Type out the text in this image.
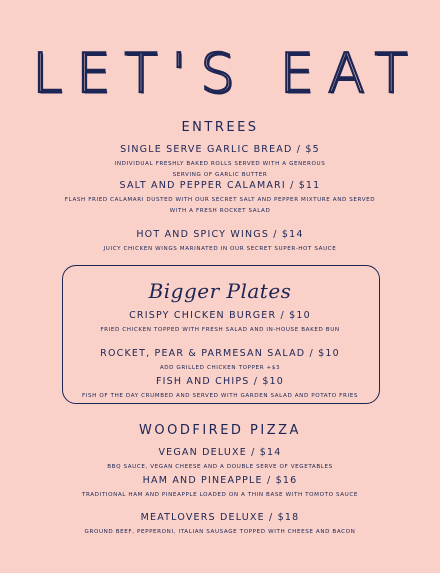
LET'S EAT
ENTREES
SINGLE SERVE GARLIC BREAD / $5
INDIVIDUAL FRESHLY BAKED ROLLS SERVED WITH A GENEROUS SERVING OF GARLIC BUTTER
SALT AND PEPPER CALAMARI / $11
FLASH FRIED CALAMARI DUSTED WITH OUR SECRET SALT AND PEPPER MIXTURE AND SERVED WITH A FRESH ROCKET SALAD
HOT AND SPICY WINGS / $14
JUICY CHICKEN WINGS MARINATED IN OUR SECRET SUPER-HOT SAUCE
Bigger Plates
CRISPY CHICKEN BURGER / $10
FRIED CHICKEN TOPPED WITH FRESH SALAD AND IN-HOUSE BAKED BUN
ROCKET, PEAR & PARMESAN SALAD / $10
ADD GRILLED CHICKEN TOPPER +$3
FISH AND CHIPS / $10
FISH OF THE DAY CRUMBED AND SERVED WITH GARDEN SALAD AND POTATO FRIES
WOODFIRED PIZZA
VEGAN DELUXE / $14
BBQ SAUCE, VEGAN CHEESE AND A DOUBLE SERVE OF VEGETABLES
HAM AND PINEAPPLE / $16
TRADITIONAL HAM AND PINEAPPLE LOADED ON A THIN BASE WITH TOMOTO SAUCE
MEATLOVERS DELUXE / $18
GROUND BEEF, PEPPERONI, ITALIAN SAUSAGE TOPPED WITH CHEESE AND BACON
